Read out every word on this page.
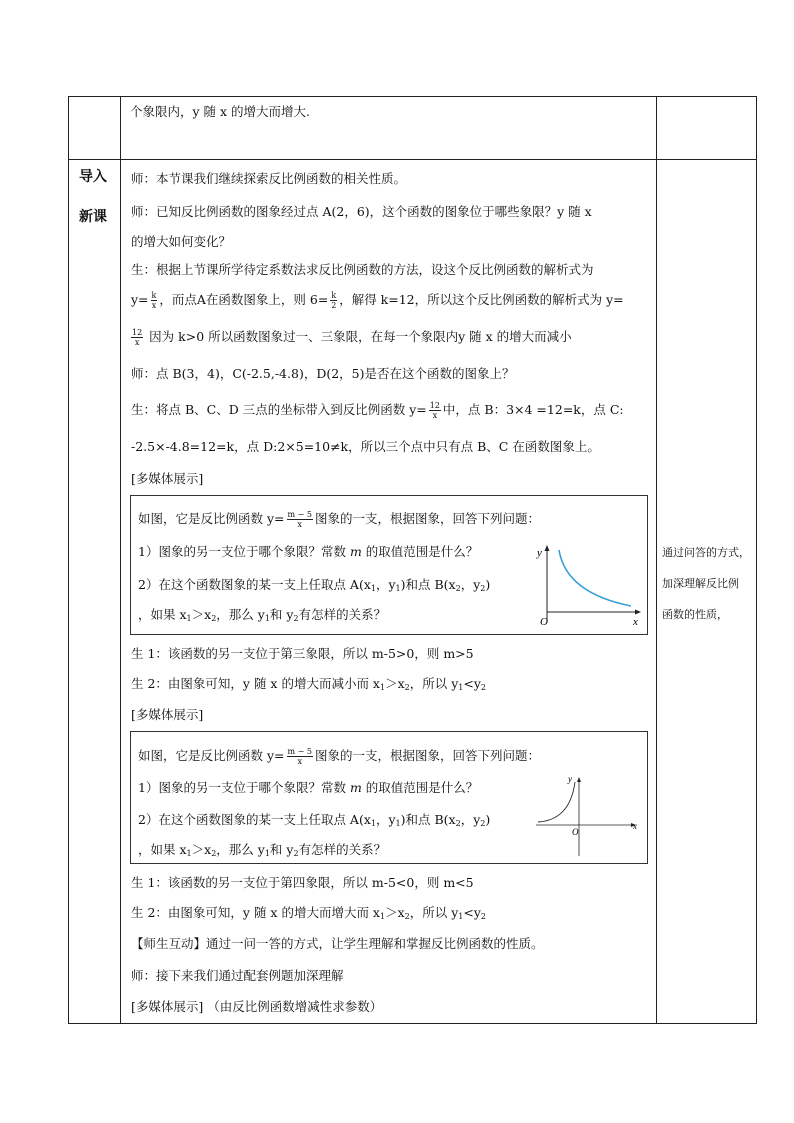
个象限内，y 随 x 的增大而增大.
导入
新课
师：本节课我们继续探索反比例函数的相关性质。
师：已知反比例函数的图象经过点 A(2，6)，这个函数的图象位于哪些象限？y 随 x
的增大如何变化？
生：根据上节课所学待定系数法求反比例函数的方法，设这个反比例函数的解析式为
$y= \frac{k}{x}$ ，而点A在函数图象上，则 $6= \frac{k}{2}$ ，解得 k=12，所以这个反比例函数的解析式为 y=
$\frac{12}{x}$ 因为 k>0 所以函数图象过一、三象限，在每一个象限内y 随 x 的增大而减小
师：点 B(3，4)，C(-2.5,-4.8)，D(2，5)是否在这个函数的图象上？
生：将点 B、C、D 三点的坐标带入到反比例函数 $y= \frac{12}{x}$ 中，点 B：3×4 =12=k，点 C:
-2.5×-4.8=12=k，点 D:2×5=10≠k，所以三个点中只有点 B、C 在函数图象上。
[多媒体展示]
如图，它是反比例函数 $y= \frac{m - 5}{x}$ 图象的一支，根据图象，回答下列问题：
1）图象的另一支位于哪个象限？常数 m 的取值范围是什么？
2）在这个函数图象的某一支上任取点 $A(x_1$，$y_1$)和点 $B(x_2$，$y_2$)
，如果 $x_1>x_2$，那么 $y_1$和 $y_2$有怎样的关系？
y
x
O
生 1：该函数的另一支位于第三象限，所以 m-5>0，则 m>5
生 2：由图象可知，y 随 x 的增大而减小而 $x_1>x_2$，所以 $y_1<y_2$
[多媒体展示]
如图，它是反比例函数 $y= \frac{m - 5}{x}$ 图象的一支，根据图象，回答下列问题：
1）图象的另一支位于哪个象限？常数 m 的取值范围是什么？
2）在这个函数图象的某一支上任取点 $A(x_1$，$y_1$)和点 $B(x_2$，$y_2$)
，如果 $x_1>x_2$，那么 $y_1$和 $y_2$有怎样的关系？
y
x
O
生 1：该函数的另一支位于第四象限，所以 m-5<0，则 m<5
生 2：由图象可知，y 随 x 的增大而增大而 $x_1>x_2$，所以 $y_1<y_2$
【师生互动】通过一问一答的方式，让学生理解和掌握反比例函数的性质。
师：接下来我们通过配套例题加深理解
[多媒体展示] （由反比例函数增减性求参数）
通过问答的方式，
加深理解反比例
函数的性质，
